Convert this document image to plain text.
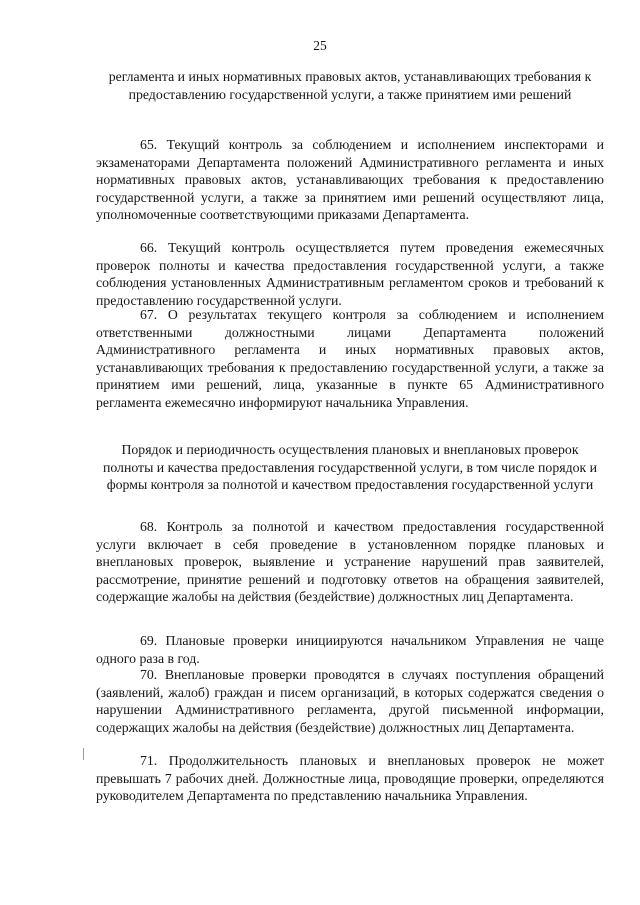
25
регламента и иных нормативных правовых актов, устанавливающих требования к предоставлению государственной услуги, а также принятием ими решений

65. Текущий контроль за соблюдением и исполнением инспекторами и экзаменаторами Департамента положений Административного регламента и иных нормативных правовых актов, устанавливающих требования к предоставлению государственной услуги, а также за принятием ими решений осуществляют лица, уполномоченные соответствующими приказами Департамента.

66. Текущий контроль осуществляется путем проведения ежемесячных проверок полноты и качества предоставления государственной услуги, а также соблюдения установленных Административным регламентом сроков и требований к предоставлению государственной услуги.

67. О результатах текущего контроля за соблюдением и исполнением ответственными должностными лицами Департамента положений Административного регламента и иных нормативных правовых актов, устанавливающих требования к предоставлению государственной услуги, а также за принятием ими решений, лица, указанные в пункте 65 Административного регламента ежемесячно информируют начальника Управления.

Порядок и периодичность осуществления плановых и внеплановых проверок полноты и качества предоставления государственной услуги, в том числе порядок и формы контроля за полнотой и качеством предоставления государственной услуги

68. Контроль за полнотой и качеством предоставления государственной услуги включает в себя проведение в установленном порядке плановых и внеплановых проверок, выявление и устранение нарушений прав заявителей, рассмотрение, принятие решений и подготовку ответов на обращения заявителей, содержащие жалобы на действия (бездействие) должностных лиц Департамента.

69. Плановые проверки инициируются начальником Управления не чаще одного раза в год.

70. Внеплановые проверки проводятся в случаях поступления обращений (заявлений, жалоб) граждан и писем организаций, в которых содержатся сведения о нарушении Административного регламента, другой письменной информации, содержащих жалобы на действия (бездействие) должностных лиц Департамента.

71. Продолжительность плановых и внеплановых проверок не может превышать 7 рабочих дней. Должностные лица, проводящие проверки, определяются руководителем Департамента по представлению начальника Управления.
